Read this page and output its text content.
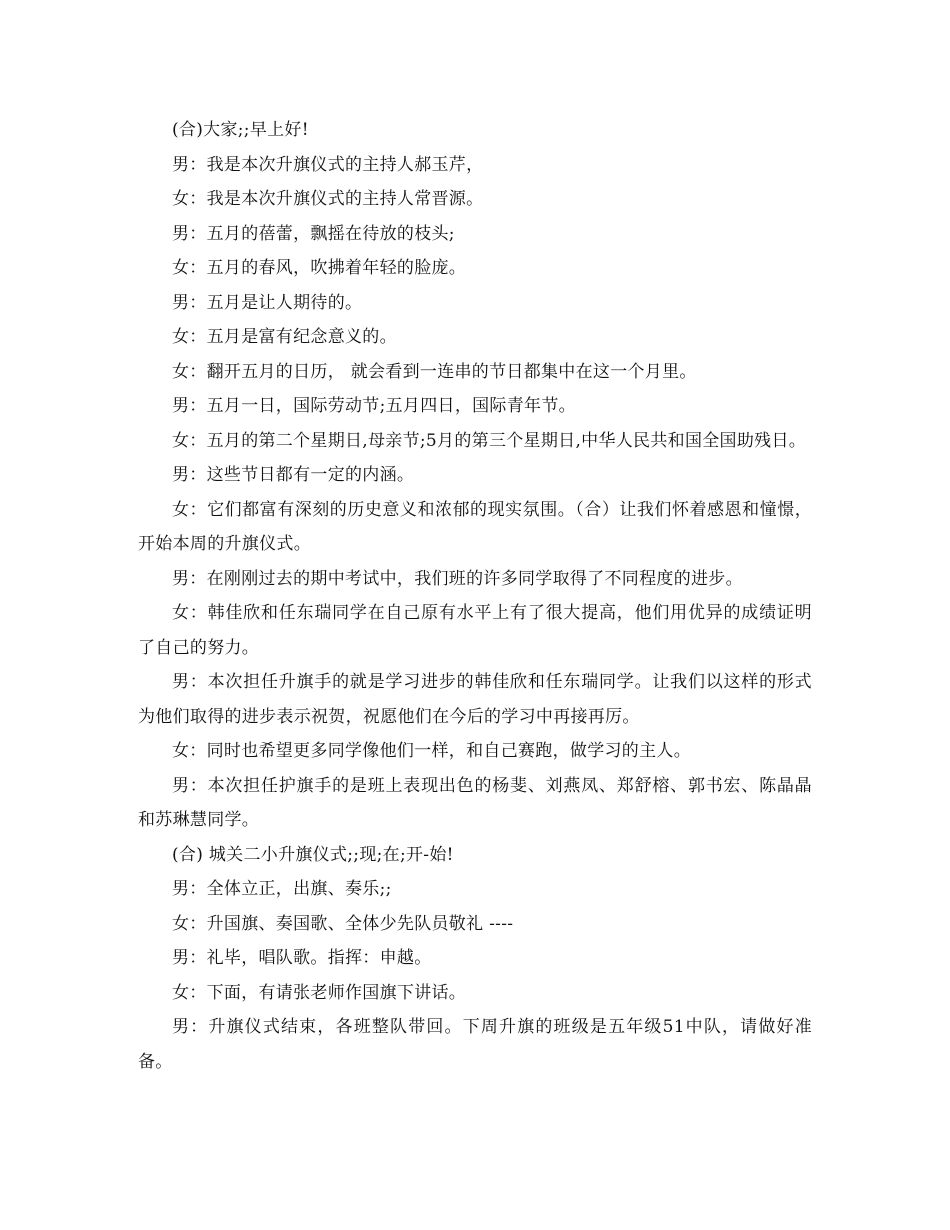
(合)大家;;早上好!

男：我是本次升旗仪式的主持人郝玉芹，

女：我是本次升旗仪式的主持人常晋源。

男：五月的蓓蕾，飘摇在待放的枝头;

女：五月的春风，吹拂着年轻的脸庞。

男：五月是让人期待的。

女：五月是富有纪念意义的。

女：翻开五月的日历， 就会看到一连串的节日都集中在这一个月里。

男：五月一日，国际劳动节;五月四日，国际青年节。

女：五月的第二个星期日,母亲节;5月的第三个星期日,中华人民共和国全国助残日。

男：这些节日都有一定的内涵。

女：它们都富有深刻的历史意义和浓郁的现实氛围。（合）让我们怀着感恩和憧憬，开始本周的升旗仪式。

男：在刚刚过去的期中考试中，我们班的许多同学取得了不同程度的进步。

女：韩佳欣和任东瑞同学在自己原有水平上有了很大提高，他们用优异的成绩证明了自己的努力。

男：本次担任升旗手的就是学习进步的韩佳欣和任东瑞同学。让我们以这样的形式为他们取得的进步表示祝贺，祝愿他们在今后的学习中再接再厉。

女：同时也希望更多同学像他们一样，和自己赛跑，做学习的主人。

男：本次担任护旗手的是班上表现出色的杨斐、刘燕凤、郑舒榕、郭书宏、陈晶晶和苏琳慧同学。

(合) 城关二小升旗仪式;;现;在;开-始!

男：全体立正，出旗、奏乐;;

女：升国旗、奏国歌、全体少先队员敬礼 ----

男：礼毕，唱队歌。指挥：申越。

女：下面，有请张老师作国旗下讲话。

男：升旗仪式结束，各班整队带回。下周升旗的班级是五年级51中队，请做好准备。
